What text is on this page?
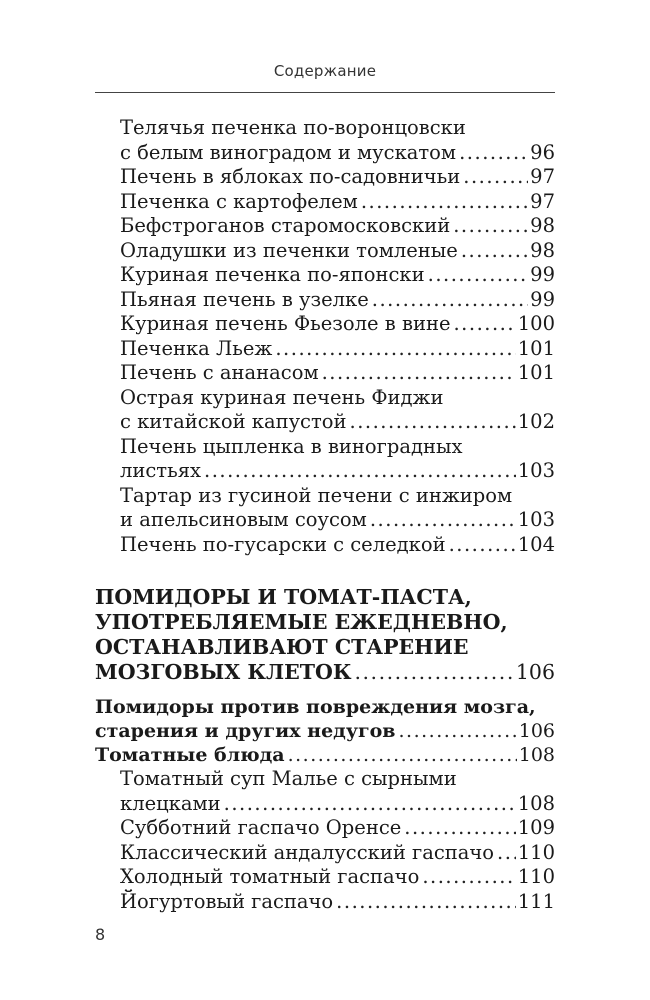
Содержание
Телячья печенка по-воронцовски
с белым виноградом и мускатом .....	96
Печень в яблоках по-садовничьи .....	97
Печенка с картофелем .....	97
Бефстроганов старомосковский .....	98
Оладушки из печенки томленые .....	98
Куриная печенка по-японски .....	99
Пьяная печень в узелке .....	99
Куриная печень Фьезоле в вине .....	100
Печенка Льеж .....	101
Печень с ананасом .....	101
Острая куриная печень Фиджи
с китайской капустой .....	102
Печень цыпленка в виноградных
листьях .....	103
Тартар из гусиной печени с инжиром
и апельсиновым соусом .....	103
Печень по-гусарски с селедкой .....	104
ПОМИДОРЫ И ТОМАТ-ПАСТА,
УПОТРЕБЛЯЕМЫЕ ЕЖЕДНЕВНО,
ОСТАНАВЛИВАЮТ СТАРЕНИЕ
МОЗГОВЫХ КЛЕТОК .....	106
Помидоры против повреждения мозга,
старения и других недугов .....	106
Томатные блюда .....	108
Томатный суп Малье с сырными
клецками .....	108
Субботний гаспачо Оренсе .....	109
Классический андалусский гаспачо ..... 110
Холодный томатный гаспачо .....	110
Йогуртовый гаспачо .....	111
8
